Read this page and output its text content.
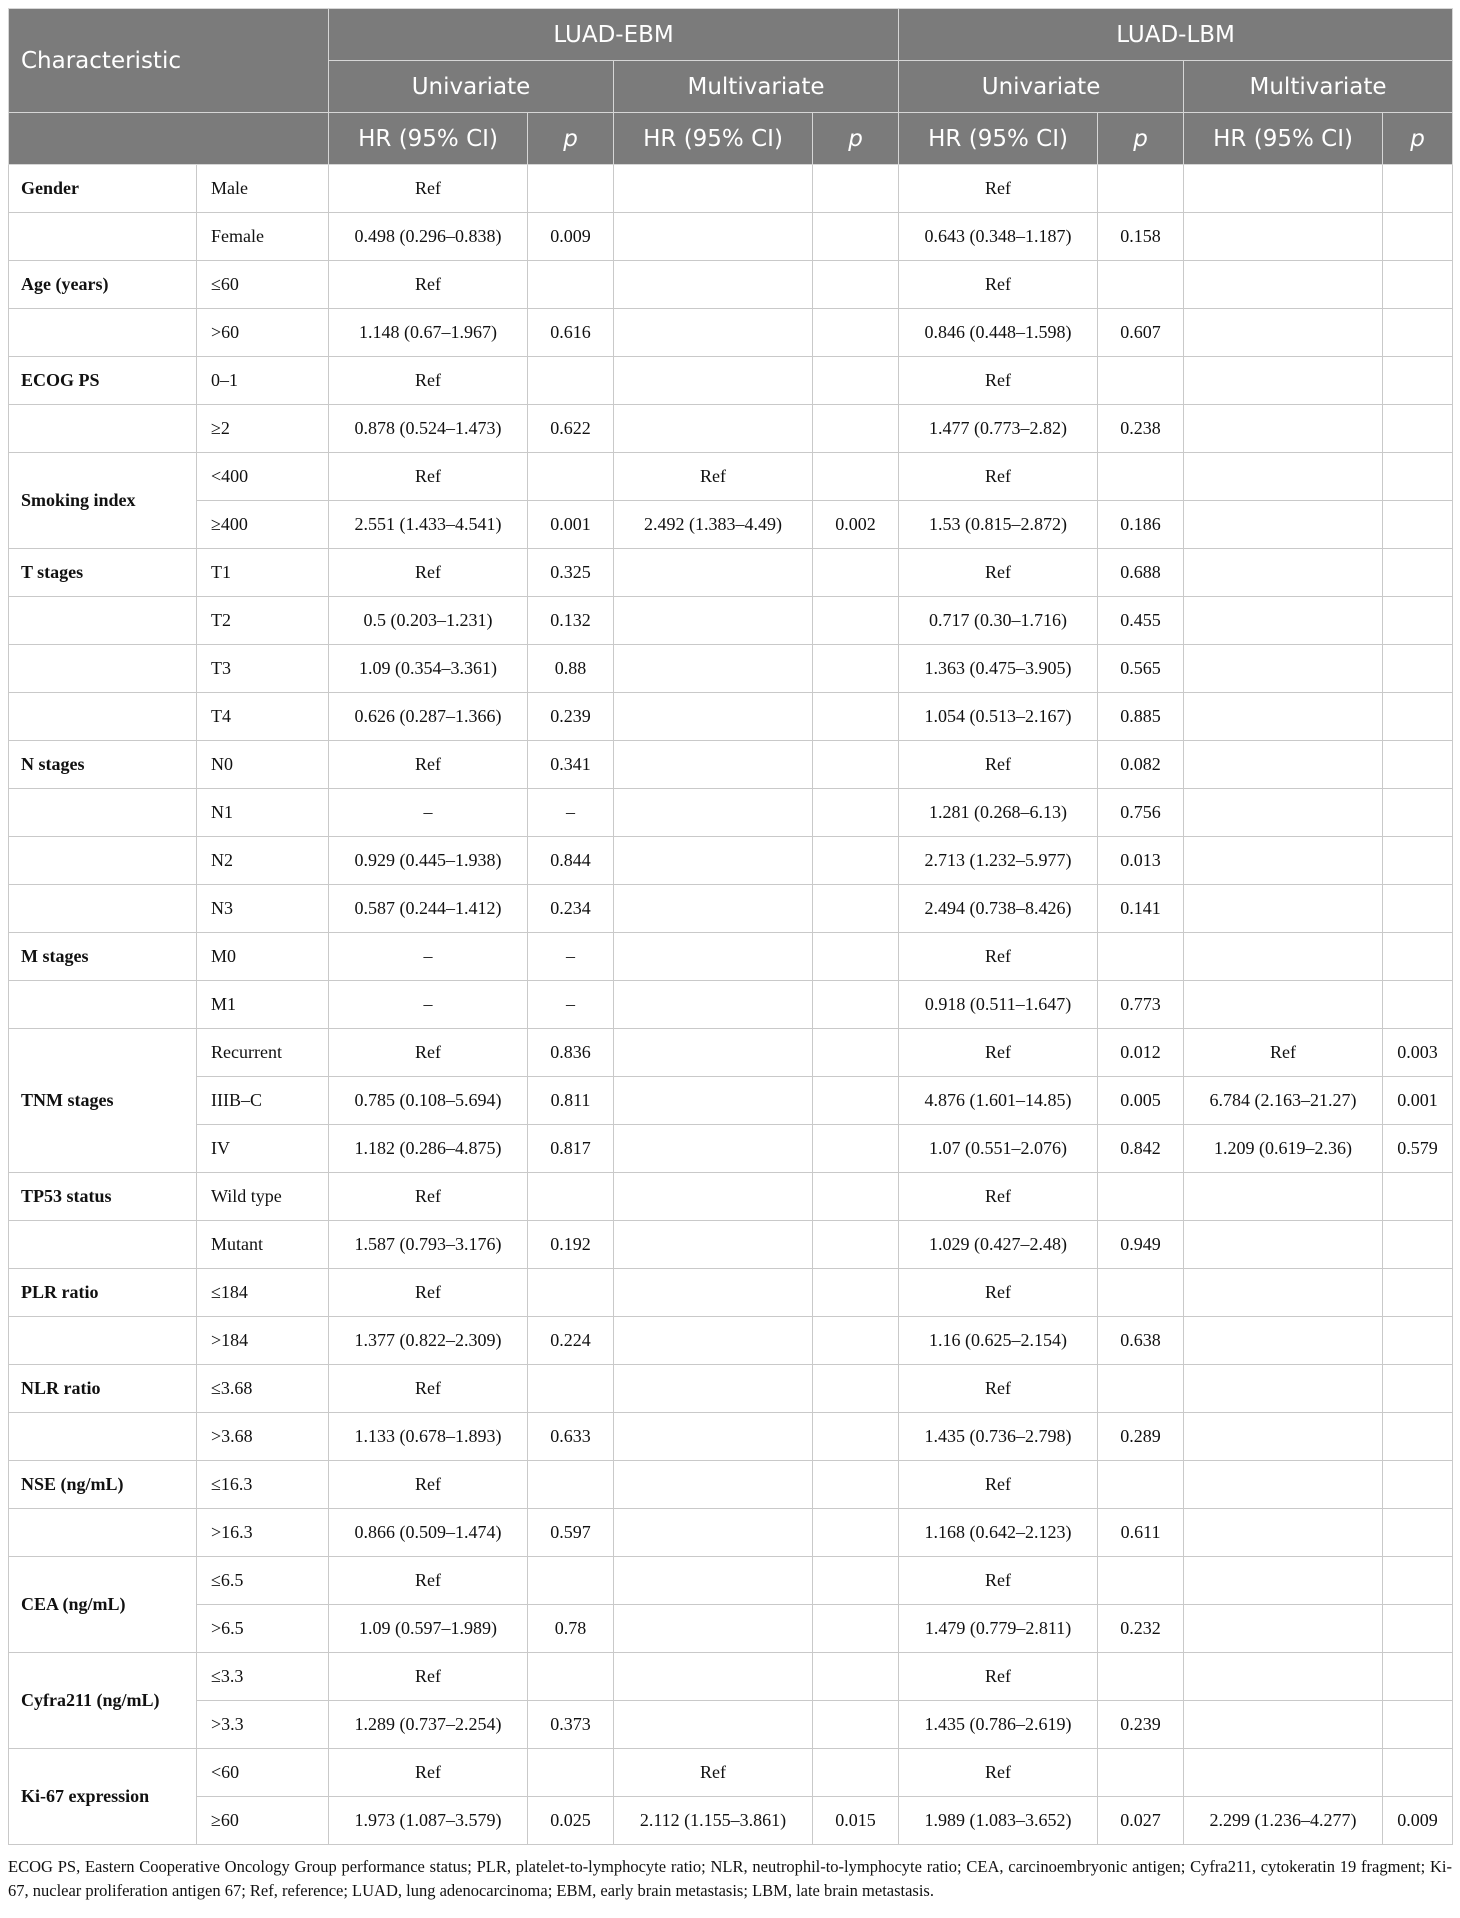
Characteristic		LUAD-EBM				LUAD-LBM			
		Univariate		Multivariate		Univariate		Multivariate	
		HR (95% CI)	p	HR (95% CI)	p	HR (95% CI)	p	HR (95% CI)	p
Gender	Male	Ref				Ref			
	Female	0.498 (0.296–0.838)	0.009			0.643 (0.348–1.187)	0.158		
Age (years)	≤60	Ref				Ref			
	>60	1.148 (0.67–1.967)	0.616			0.846 (0.448–1.598)	0.607		
ECOG PS	0–1	Ref				Ref			
	≥2	0.878 (0.524–1.473)	0.622			1.477 (0.773–2.82)	0.238		
Smoking index	<400	Ref		Ref		Ref			
	≥400	2.551 (1.433–4.541)	0.001	2.492 (1.383–4.49)	0.002	1.53 (0.815–2.872)	0.186		
T stages	T1	Ref	0.325			Ref	0.688		
	T2	0.5 (0.203–1.231)	0.132			0.717 (0.30–1.716)	0.455		
	T3	1.09 (0.354–3.361)	0.88			1.363 (0.475–3.905)	0.565		
	T4	0.626 (0.287–1.366)	0.239			1.054 (0.513–2.167)	0.885		
N stages	N0	Ref	0.341			Ref	0.082		
	N1	–	–			1.281 (0.268–6.13)	0.756		
	N2	0.929 (0.445–1.938)	0.844			2.713 (1.232–5.977)	0.013		
	N3	0.587 (0.244–1.412)	0.234			2.494 (0.738–8.426)	0.141		
M stages	M0	–	–			Ref			
	M1	–	–			0.918 (0.511–1.647)	0.773		
TNM stages	Recurrent	Ref	0.836			Ref	0.012	Ref	0.003
	IIIB–C	0.785 (0.108–5.694)	0.811			4.876 (1.601–14.85)	0.005	6.784 (2.163–21.27)	0.001
	IV	1.182 (0.286–4.875)	0.817			1.07 (0.551–2.076)	0.842	1.209 (0.619–2.36)	0.579
TP53 status	Wild type	Ref				Ref			
	Mutant	1.587 (0.793–3.176)	0.192			1.029 (0.427–2.48)	0.949		
PLR ratio	≤184	Ref				Ref			
	>184	1.377 (0.822–2.309)	0.224			1.16 (0.625–2.154)	0.638		
NLR ratio	≤3.68	Ref				Ref			
	>3.68	1.133 (0.678–1.893)	0.633			1.435 (0.736–2.798)	0.289		
NSE (ng/mL)	≤16.3	Ref				Ref			
	>16.3	0.866 (0.509–1.474)	0.597			1.168 (0.642–2.123)	0.611		
CEA (ng/mL)	≤6.5	Ref				Ref			
	>6.5	1.09 (0.597–1.989)	0.78			1.479 (0.779–2.811)	0.232		
Cyfra211 (ng/mL)	≤3.3	Ref				Ref			
	>3.3	1.289 (0.737–2.254)	0.373			1.435 (0.786–2.619)	0.239		
Ki-67 expression	<60	Ref		Ref		Ref			
	≥60	1.973 (1.087–3.579)	0.025	2.112 (1.155–3.861)	0.015	1.989 (1.083–3.652)	0.027	2.299 (1.236–4.277)	0.009
ECOG PS, Eastern Cooperative Oncology Group performance status; PLR, platelet-to-lymphocyte ratio; NLR, neutrophil-to-lymphocyte ratio; CEA, carcinoembryonic antigen; Cyfra211, cytokeratin 19 fragment; Ki-67, nuclear proliferation antigen 67; Ref, reference; LUAD, lung adenocarcinoma; EBM, early brain metastasis; LBM, late brain metastasis.
